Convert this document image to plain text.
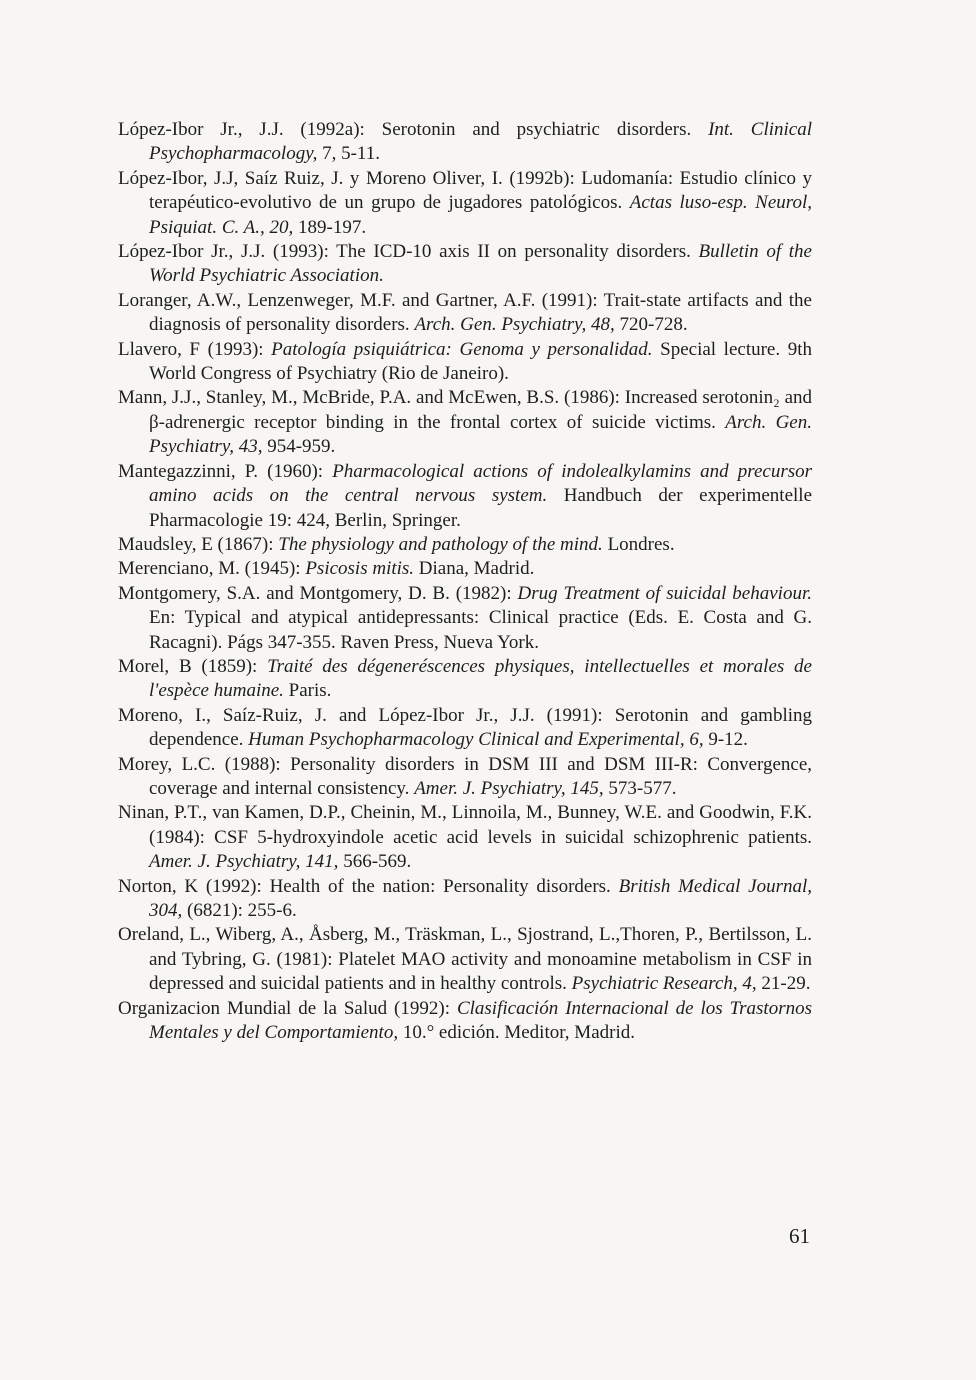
López-Ibor Jr., J.J. (1992a): Serotonin and psychiatric disorders. Int. Clinical Psychopharmacology, 7, 5-11.

López-Ibor, J.J, Saíz Ruiz, J. y Moreno Oliver, I. (1992b): Ludomanía: Estudio clínico y terapéutico-evolutivo de un grupo de jugadores patológicos. Actas luso-esp. Neurol, Psiquiat. C. A., 20, 189-197.

López-Ibor Jr., J.J. (1993): The ICD-10 axis II on personality disorders. Bulletin of the World Psychiatric Association.

Loranger, A.W., Lenzenweger, M.F. and Gartner, A.F. (1991): Trait-state artifacts and the diagnosis of personality disorders. Arch. Gen. Psychiatry, 48, 720-728.

Llavero, F (1993): Patología psiquiátrica: Genoma y personalidad. Special lecture. 9th World Congress of Psychiatry (Rio de Janeiro).

Mann, J.J., Stanley, M., McBride, P.A. and McEwen, B.S. (1986): Increased serotonin₂ and β-adrenergic receptor binding in the frontal cortex of suicide victims. Arch. Gen. Psychiatry, 43, 954-959.

Mantegazzinni, P. (1960): Pharmacological actions of indolealkylamins and precursor amino acids on the central nervous system. Handbuch der experimentelle Pharmacologie 19: 424, Berlin, Springer.

Maudsley, E (1867): The physiology and pathology of the mind. Londres.

Merenciano, M. (1945): Psicosis mitis. Diana, Madrid.

Montgomery, S.A. and Montgomery, D. B. (1982): Drug Treatment of suicidal behaviour. En: Typical and atypical antidepressants: Clinical practice (Eds. E. Costa and G. Racagni). Págs 347-355. Raven Press, Nueva York.

Morel, B (1859): Traité des dégeneréscences physiques, intellectuelles et morales de l'espèce humaine. Paris.

Moreno, I., Saíz-Ruiz, J. and López-Ibor Jr., J.J. (1991): Serotonin and gambling dependence. Human Psychopharmacology Clinical and Experimental, 6, 9-12.

Morey, L.C. (1988): Personality disorders in DSM III and DSM III-R: Convergence, coverage and internal consistency. Amer. J. Psychiatry, 145, 573-577.

Ninan, P.T., van Kamen, D.P., Cheinin, M., Linnoila, M., Bunney, W.E. and Goodwin, F.K. (1984): CSF 5-hydroxyindole acetic acid levels in suicidal schizophrenic patients. Amer. J. Psychiatry, 141, 566-569.

Norton, K (1992): Health of the nation: Personality disorders. British Medical Journal, 304, (6821): 255-6.

Oreland, L., Wiberg, A., Åsberg, M., Träskman, L., Sjostrand, L.,Thoren, P., Bertilsson, L. and Tybring, G. (1981): Platelet MAO activity and monoamine metabolism in CSF in depressed and suicidal patients and in healthy controls. Psychiatric Research, 4, 21-29.

Organizacion Mundial de la Salud (1992): Clasificación Internacional de los Trastornos Mentales y del Comportamiento, 10.° edición. Meditor, Madrid.

61
